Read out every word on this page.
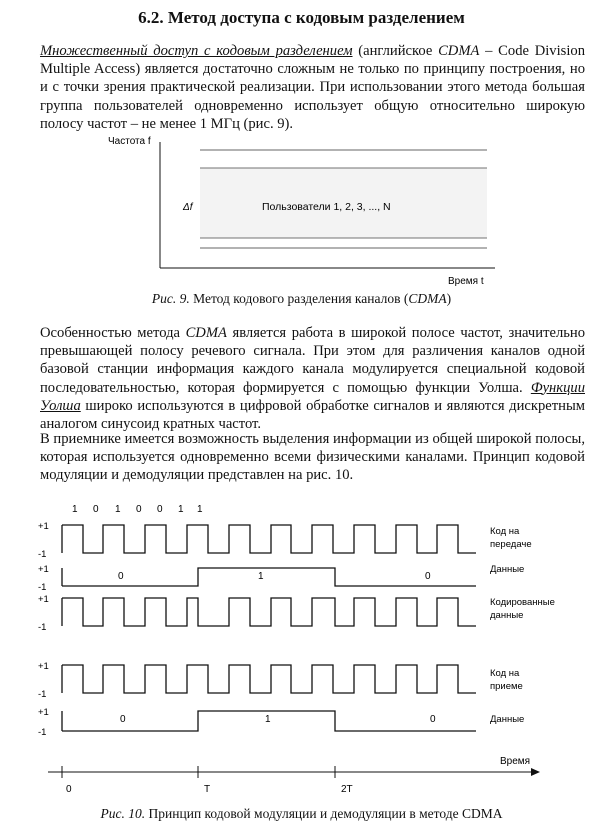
6.2. Метод доступа с кодовым разделением

Множественный доступ с кодовым разделением (английское CDMA – Code Division Multiple Access) является достаточно сложным не только по принципу построения, но и с точки зрения практической реализации. При использовании этого метода большая группа пользователей одновременно использует общую относительно широкую полосу частот – не менее 1 МГц (рис. 9).

Частота f
Время t
Δf	Пользователи 1, 2, 3, ..., N

Рис. 9. Метод кодового разделения каналов (CDMA)

Особенностью метода CDMA является работа в широкой полосе частот, значительно превышающей полосу речевого сигнала. При этом для различения каналов одной базовой станции информация каждого канала модулируется специальной кодовой последовательностью, которая формируется с помощью функции Уолша. Функции Уолша широко используются в цифровой обработке сигналов и являются дискретным аналогом синусоид кратных частот.

В приемнике имеется возможность выделения информации из общей широкой полосы, которая используется одновременно всеми физическими каналами. Принцип кодовой модуляции и демодуляции представлен на рис. 10.

1 0 1 0 0 1 1
+1
-1
+1
-1
+1
-1
+1
-1
+1
-1
Код на
передаче
Данные
Кодированные
данные
Код на
приеме
Данные
0
0
1
1
0
0
Время
0	T	2T

Рис. 10. Принцип кодовой модуляции и демодуляции в методе CDMA
